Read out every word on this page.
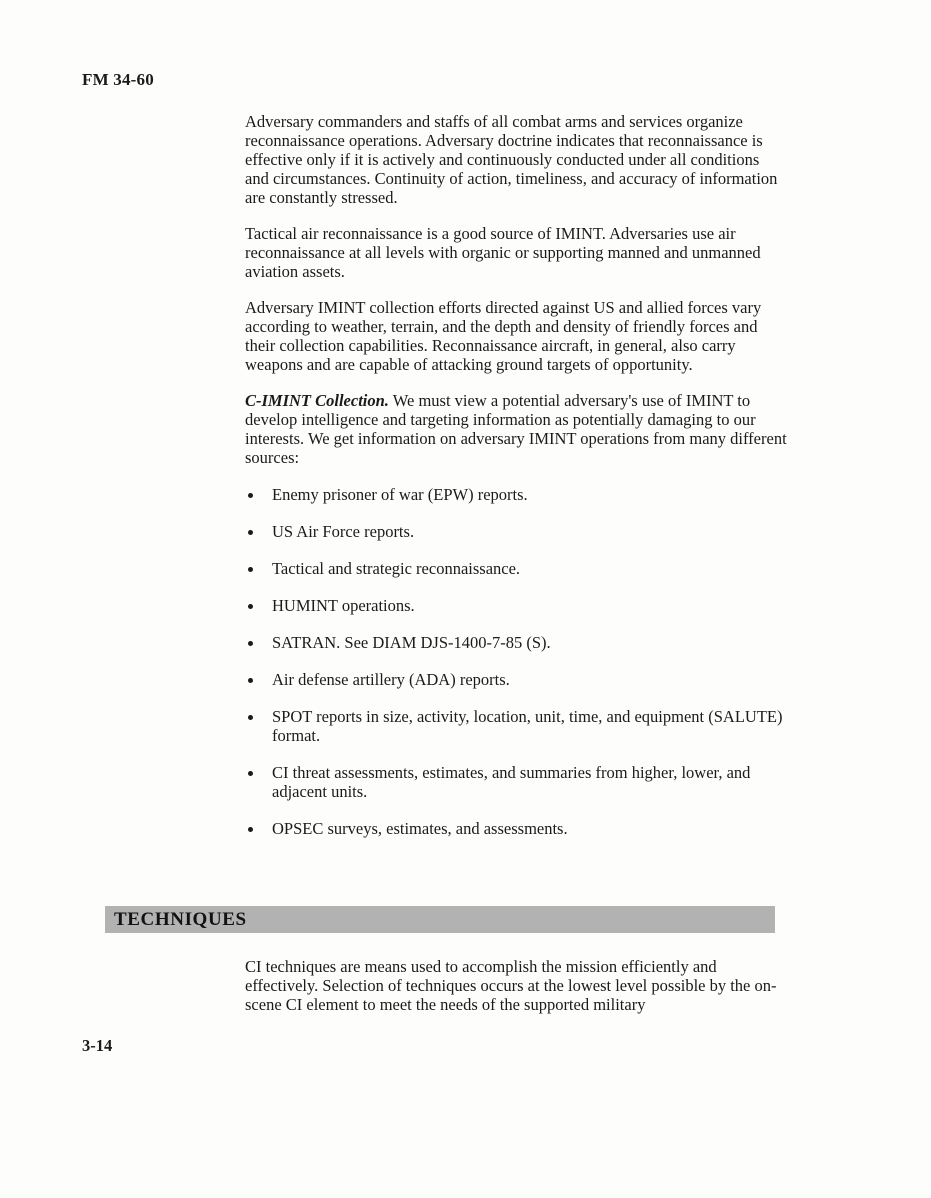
FM 34-60

Adversary commanders and staffs of all combat arms and services organize reconnaissance operations. Adversary doctrine indicates that reconnaissance is effective only if it is actively and continuously conducted under all conditions and circumstances. Continuity of action, timeliness, and accuracy of information are constantly stressed.

Tactical air reconnaissance is a good source of IMINT. Adversaries use air reconnaissance at all levels with organic or supporting manned and unmanned aviation assets.

Adversary IMINT collection efforts directed against US and allied forces vary according to weather, terrain, and the depth and density of friendly forces and their collection capabilities. Reconnaissance aircraft, in general, also carry weapons and are capable of attacking ground targets of opportunity.

C-IMINT Collection. We must view a potential adversary's use of IMINT to develop intelligence and targeting information as potentially damaging to our interests. We get information on adversary IMINT operations from many different sources:

Enemy prisoner of war (EPW) reports.
US Air Force reports.
Tactical and strategic reconnaissance.
HUMINT operations.
SATRAN. See DIAM DJS-1400-7-85 (S).
Air defense artillery (ADA) reports.
SPOT reports in size, activity, location, unit, time, and equipment (SALUTE) format.
CI threat assessments, estimates, and summaries from higher, lower, and adjacent units.
OPSEC surveys, estimates, and assessments.
TECHNIQUES
CI techniques are means used to accomplish the mission efficiently and effectively. Selection of techniques occurs at the lowest level possible by the on-scene CI element to meet the needs of the supported military
3-14
